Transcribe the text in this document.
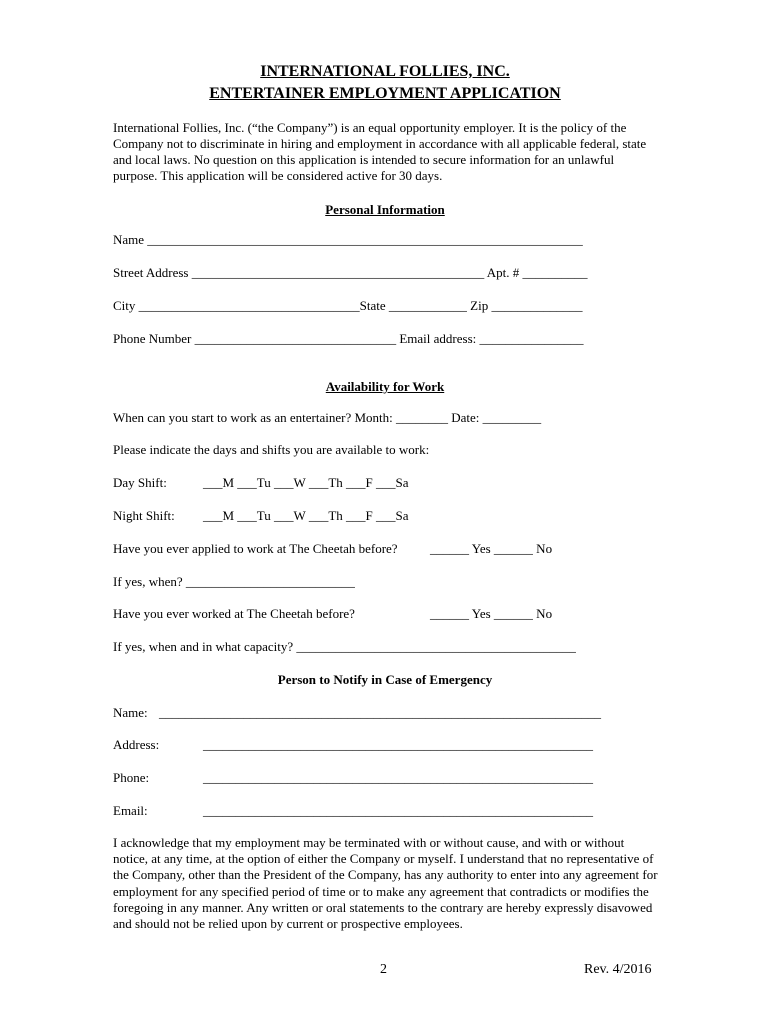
INTERNATIONAL FOLLIES, INC.
ENTERTAINER EMPLOYMENT APPLICATION
International Follies, Inc. (“the Company”) is an equal opportunity employer. It is the policy of the Company not to discriminate in hiring and employment in accordance with all applicable federal, state and local laws. No question on this application is intended to secure information for an unlawful purpose. This application will be considered active for 30 days.
Personal Information
Name ___________________________________________________________________
Street Address _____________________________________________ Apt. # __________
City __________________________________State ____________ Zip ______________
Phone Number _______________________________ Email address: ________________
Availability for Work
When can you start to work as an entertainer? Month: ________ Date: _________
Please indicate the days and shifts you are available to work:
Day Shift:	___M ___Tu ___W ___Th ___F ___Sa
Night Shift: ___M ___Tu ___W ___Th ___F ___Sa
Have you ever applied to work at The Cheetah before? ______ Yes ______ No
If yes, when? __________________________
Have you ever worked at The Cheetah before?	______ Yes ______ No
If yes, when and in what capacity? ___________________________________________
Person to Notify in Case of Emergency
Name: ____________________________________________________________________
Address:	____________________________________________________________
Phone:	____________________________________________________________
Email:	____________________________________________________________
I acknowledge that my employment may be terminated with or without cause, and with or without notice, at any time, at the option of either the Company or myself. I understand that no representative of the Company, other than the President of the Company, has any authority to enter into any agreement for employment for any specified period of time or to make any agreement that contradicts or modifies the foregoing in any manner. Any written or oral statements to the contrary are hereby expressly disavowed and should not be relied upon by current or prospective employees.
2	Rev. 4/2016
